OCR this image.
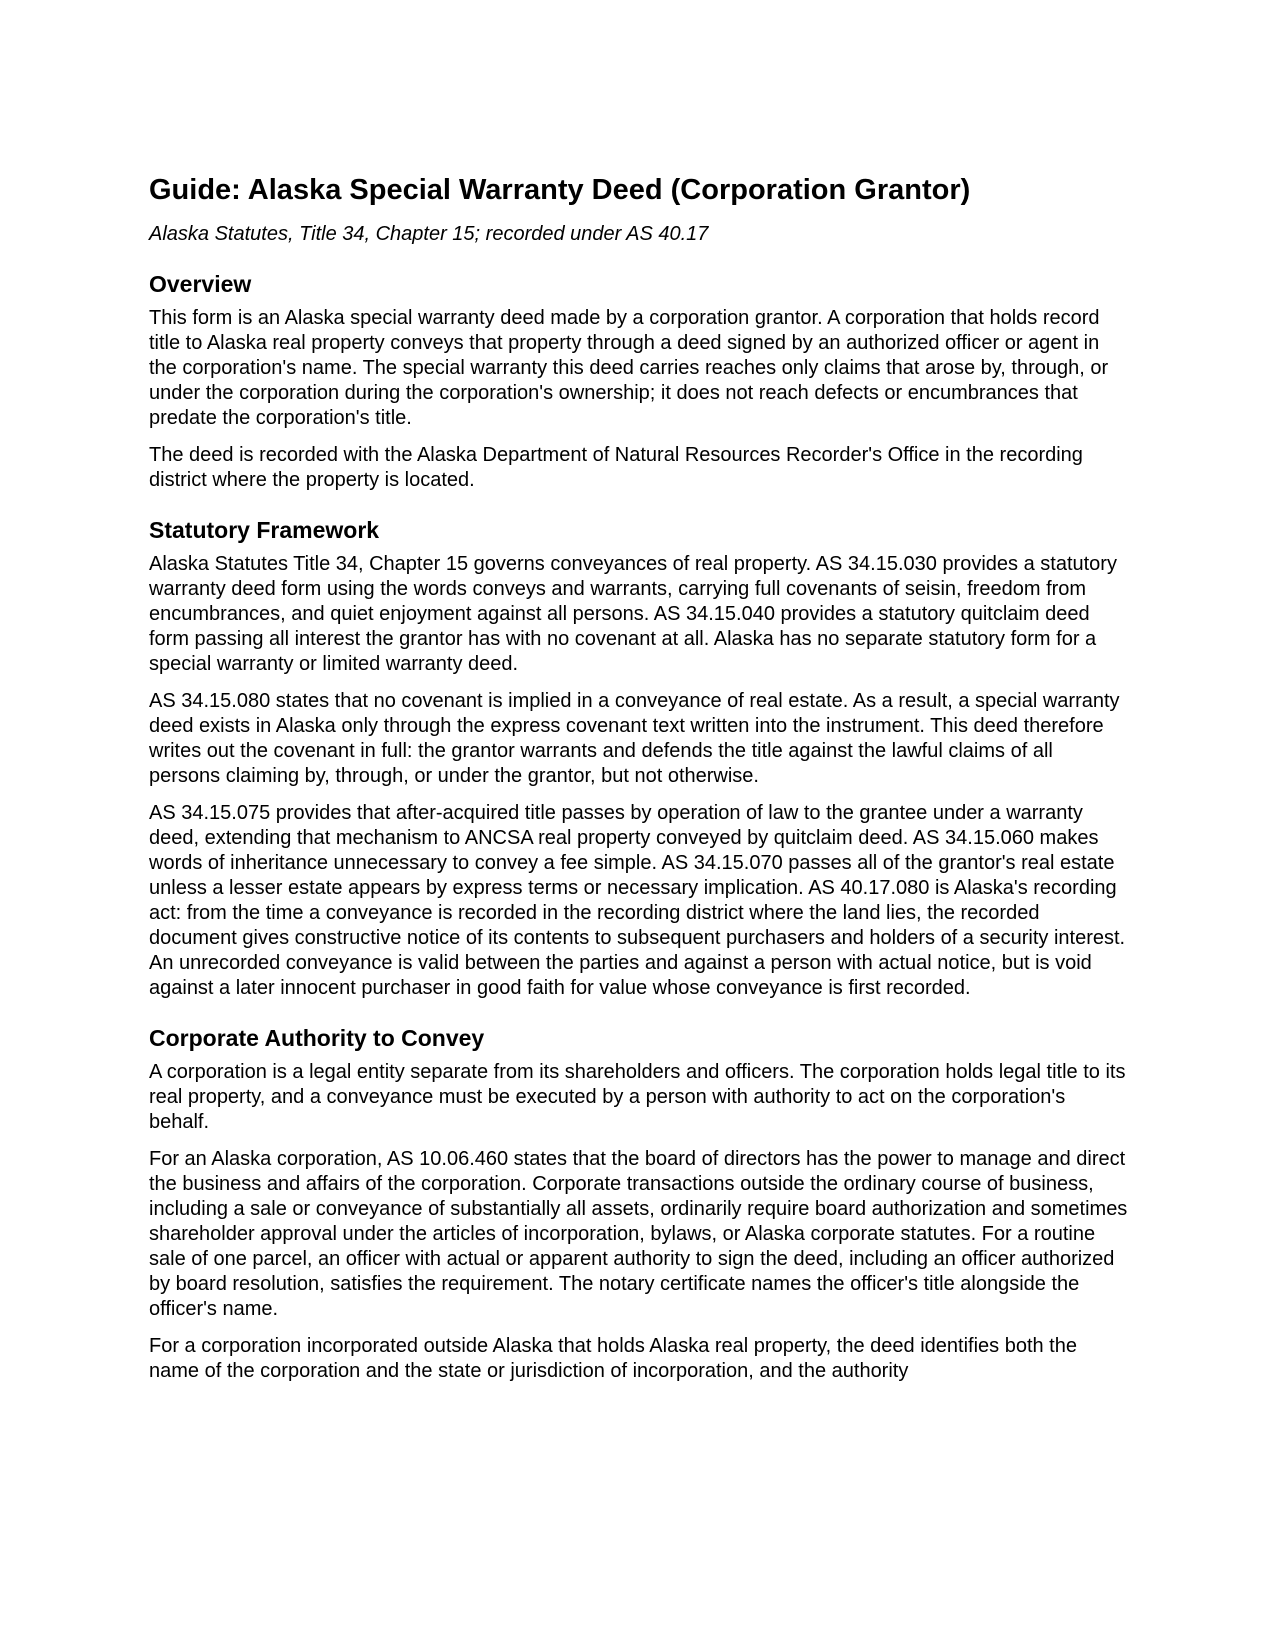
Guide: Alaska Special Warranty Deed (Corporation Grantor)
Alaska Statutes, Title 34, Chapter 15; recorded under AS 40.17
Overview

This form is an Alaska special warranty deed made by a corporation grantor. A corporation that holds record title to Alaska real property conveys that property through a deed signed by an authorized officer or agent in the corporation's name. The special warranty this deed carries reaches only claims that arose by, through, or under the corporation during the corporation's ownership; it does not reach defects or encumbrances that predate the corporation's title.

The deed is recorded with the Alaska Department of Natural Resources Recorder's Office in the recording district where the property is located.

Statutory Framework

Alaska Statutes Title 34, Chapter 15 governs conveyances of real property. AS 34.15.030 provides a statutory warranty deed form using the words conveys and warrants, carrying full covenants of seisin, freedom from encumbrances, and quiet enjoyment against all persons. AS 34.15.040 provides a statutory quitclaim deed form passing all interest the grantor has with no covenant at all. Alaska has no separate statutory form for a special warranty or limited warranty deed.

AS 34.15.080 states that no covenant is implied in a conveyance of real estate. As a result, a special warranty deed exists in Alaska only through the express covenant text written into the instrument. This deed therefore writes out the covenant in full: the grantor warrants and defends the title against the lawful claims of all persons claiming by, through, or under the grantor, but not otherwise.

AS 34.15.075 provides that after-acquired title passes by operation of law to the grantee under a warranty deed, extending that mechanism to ANCSA real property conveyed by quitclaim deed. AS 34.15.060 makes words of inheritance unnecessary to convey a fee simple. AS 34.15.070 passes all of the grantor's real estate unless a lesser estate appears by express terms or necessary implication. AS 40.17.080 is Alaska's recording act: from the time a conveyance is recorded in the recording district where the land lies, the recorded document gives constructive notice of its contents to subsequent purchasers and holders of a security interest. An unrecorded conveyance is valid between the parties and against a person with actual notice, but is void against a later innocent purchaser in good faith for value whose conveyance is first recorded.

Corporate Authority to Convey

A corporation is a legal entity separate from its shareholders and officers. The corporation holds legal title to its real property, and a conveyance must be executed by a person with authority to act on the corporation's behalf.

For an Alaska corporation, AS 10.06.460 states that the board of directors has the power to manage and direct the business and affairs of the corporation. Corporate transactions outside the ordinary course of business, including a sale or conveyance of substantially all assets, ordinarily require board authorization and sometimes shareholder approval under the articles of incorporation, bylaws, or Alaska corporate statutes. For a routine sale of one parcel, an officer with actual or apparent authority to sign the deed, including an officer authorized by board resolution, satisfies the requirement. The notary certificate names the officer's title alongside the officer's name.

For a corporation incorporated outside Alaska that holds Alaska real property, the deed identifies both the name of the corporation and the state or jurisdiction of incorporation, and the authority
